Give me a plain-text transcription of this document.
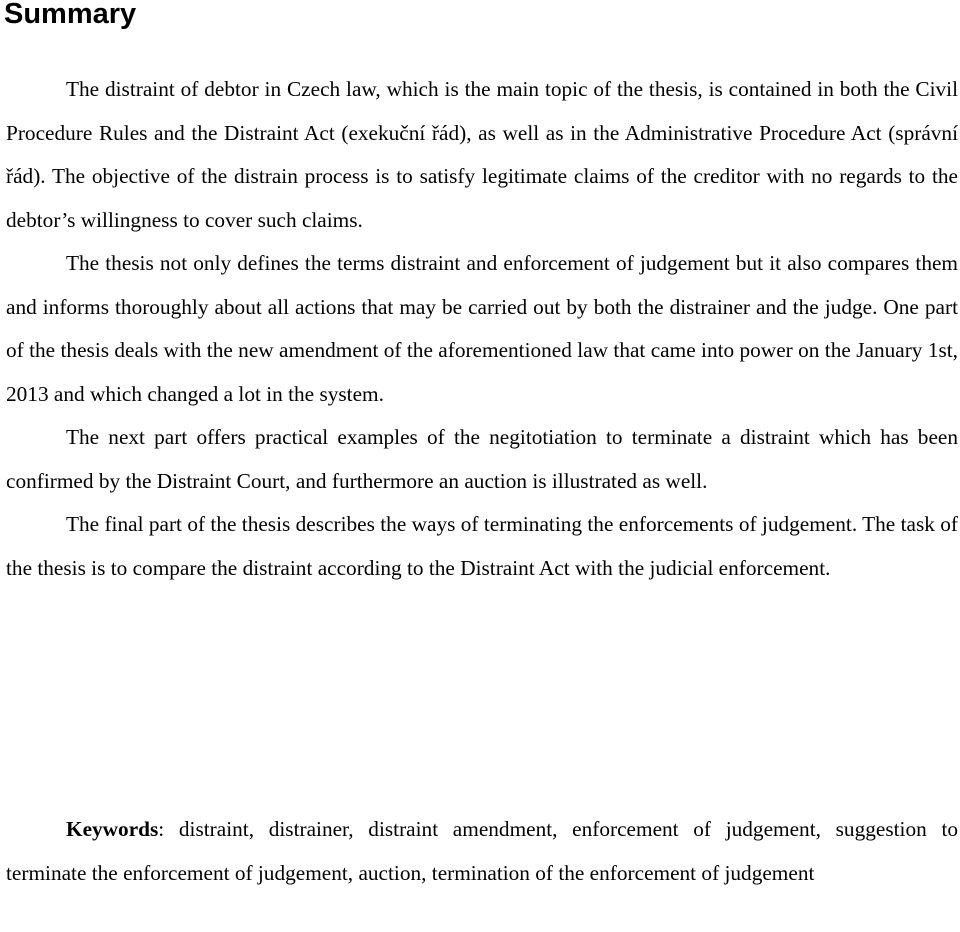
Summary

The distraint of debtor in Czech law, which is the main topic of the thesis, is contained in both the Civil Procedure Rules and the Distraint Act (exekuční řád), as well as in the Administrative Procedure Act (správní řád). The objective of the distrain process is to satisfy legitimate claims of the creditor with no regards to the debtor’s willingness to cover such claims.

The thesis not only defines the terms distraint and enforcement of judgement but it also compares them and informs thoroughly about all actions that may be carried out by both the distrainer and the judge. One part of the thesis deals with the new amendment of the aforementioned law that came into power on the January 1st, 2013 and which changed a lot in the system.

The next part offers practical examples of the negitotiation to terminate a distraint which has been confirmed by the Distraint Court, and furthermore an auction is illustrated as well.

The final part of the thesis describes the ways of terminating the enforcements of judgement. The task of the thesis is to compare the distraint according to the Distraint Act with the judicial enforcement.

Keywords: distraint, distrainer, distraint amendment, enforcement of judgement, suggestion to terminate the enforcement of judgement, auction, termination of the enforcement of judgement
